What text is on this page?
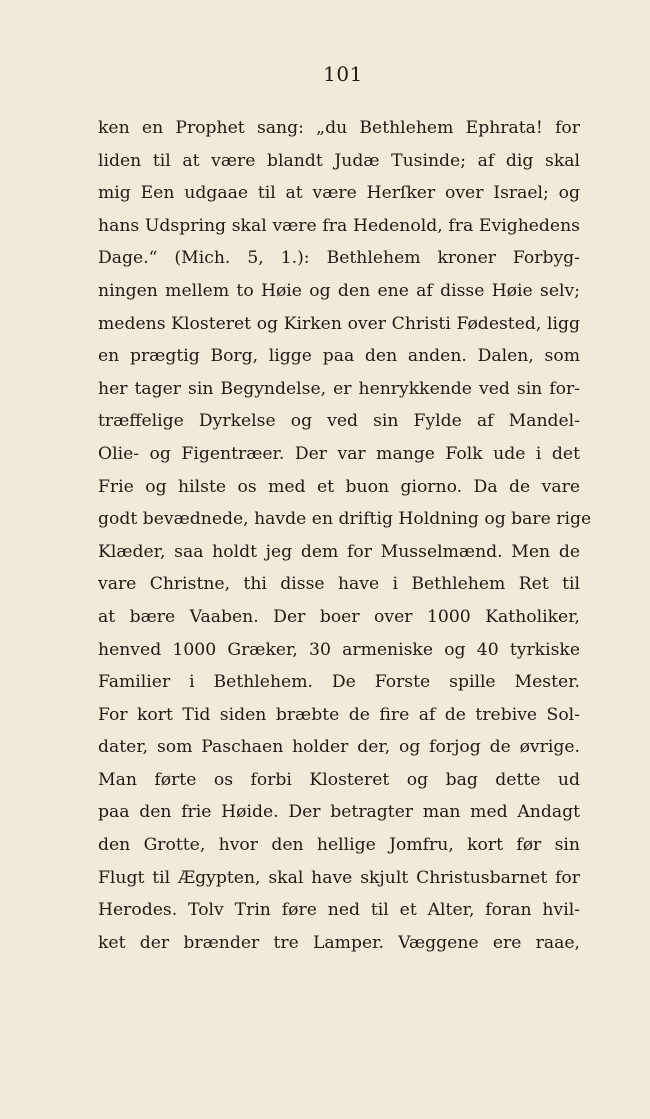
101
ken en Prophet sang: „du Bethlehem Ephrata! for
liden til at være blandt Judæ Tusinde; af dig skal
mig Een udgaae til at være Herſker over Israel; og
hans Udspring skal være fra Hedenold, fra Evighedens
Dage.“ (Mich. 5, 1.): Bethlehem kroner Forbyg-
ningen mellem to Høie og den ene af disse Høie selv;
medens Klosteret og Kirken over Christi Fødested, ligg
en prægtig Borg, ligge paa den anden. Dalen, som
her tager sin Begyndelse, er henrykkende ved sin for-
træffelige Dyrkelse og ved sin Fylde af Mandel-
Olie- og Figentræer. Der var mange Folk ude i det
Frie og hilste os med et buon giorno. Da de vare
godt bevædnede, havde en driftig Holdning og bare rige
Klæder, saa holdt jeg dem for Musselmænd. Men de
vare Christne, thi disse have i Bethlehem Ret til
at bære Vaaben. Der boer over 1000 Katholiker,
henved 1000 Græker, 30 armeniske og 40 tyrkiske
Familier i Bethlehem. De Forste spille Mester.
For kort Tid siden bræbte de fire af de trebive Sol-
dater, som Paschaen holder der, og forjog de øvrige.
Man førte os forbi Klosteret og bag dette ud
paa den frie Høide. Der betragter man med Andagt
den Grotte, hvor den hellige Jomfru, kort før sin
Flugt til Ægypten, skal have skjult Christusbarnet for
Herodes. Tolv Trin føre ned til et Alter, foran hvil-
ket der brænder tre Lamper. Væggene ere raae,
